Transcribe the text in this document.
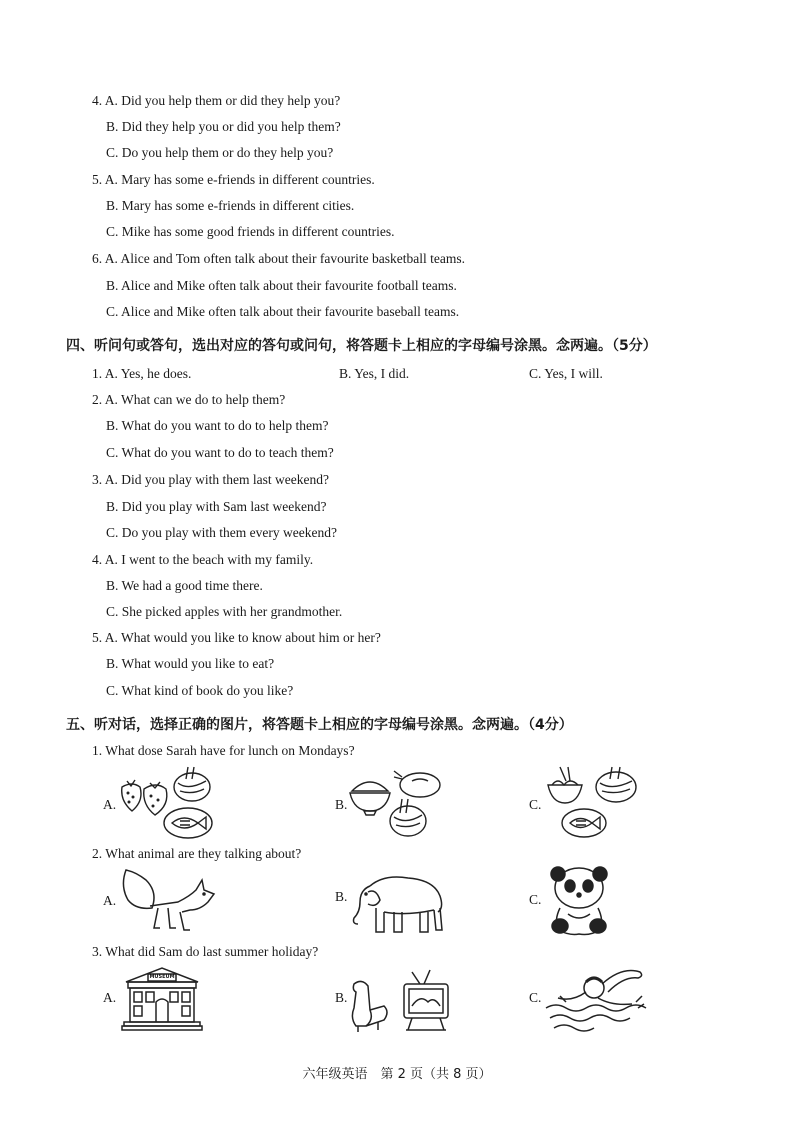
4. A. Did you help them or did they help you?
B. Did they help you or did you help them?
C. Do you help them or do they help you?
5. A. Mary has some e-friends in different countries.
B. Mary has some e-friends in different cities.
C. Mike has some good friends in different countries.
6. A. Alice and Tom often talk about their favourite basketball teams.
B. Alice and Mike often talk about their favourite football teams.
C. Alice and Mike often talk about their favourite baseball teams.
四、听问句或答句，选出对应的答句或问句，将答题卡上相应的字母编号涂黑。念两遍。（5分）
1. A. Yes, he does.	B. Yes, I did.	C. Yes, I will.
2. A. What can we do to help them?
B. What do you want to do to help them?
C. What do you want to do to teach them?
3. A. Did you play with them last weekend?
B. Did you play with Sam last weekend?
C. Do you play with them every weekend?
4. A. I went to the beach with my family.
B. We had a good time there.
C. She picked apples with her grandmother.
5. A. What would you like to know about him or her?
B. What would you like to eat?
C. What kind of book do you like?
五、听对话，选择正确的图片，将答题卡上相应的字母编号涂黑。念两遍。（4分）
1. What dose Sarah have for lunch on Mondays?
A.	B.	C.
2. What animal are they talking about?
A.	B.	C.
3. What did Sam do last summer holiday?
A.
MUSEUM
B.	C.
六年级英语　第 2 页（共 8 页）
